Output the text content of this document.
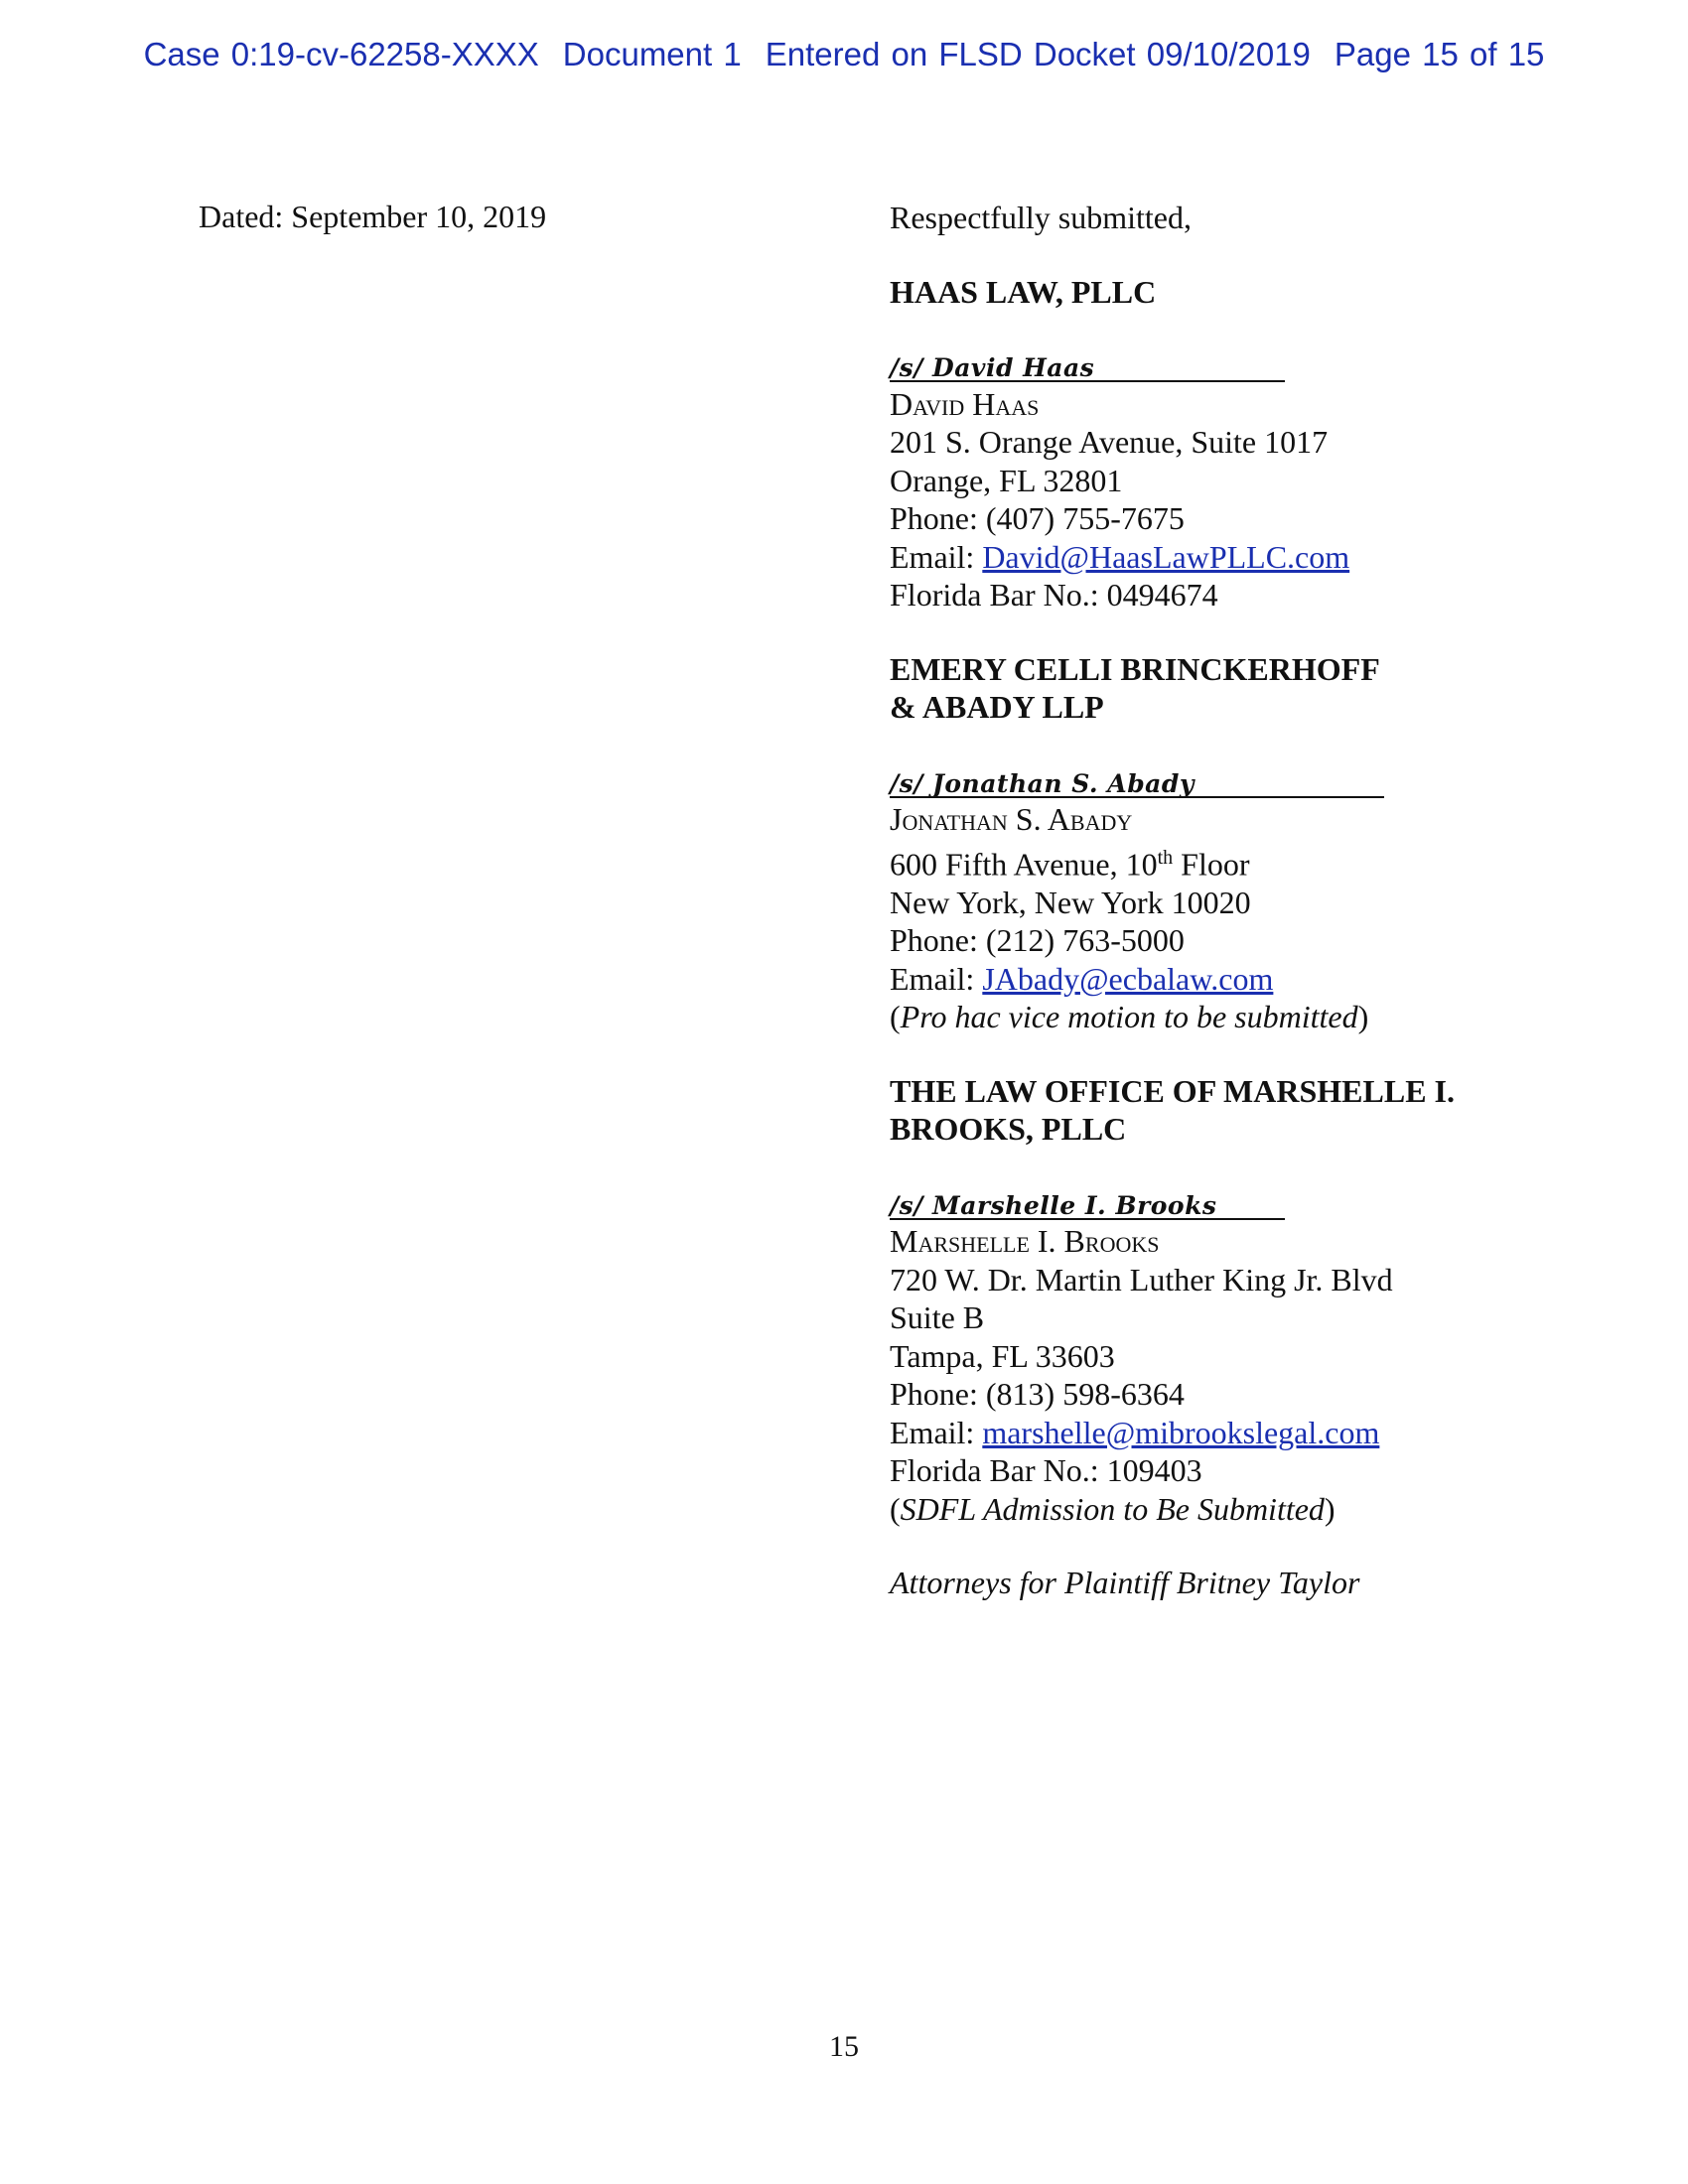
Case 0:19-cv-62258-XXXX Document 1 Entered on FLSD Docket 09/10/2019 Page 15 of 15
Dated: September 10, 2019	Respectfully submitted,

HAAS LAW, PLLC

/s/ David Haas

David Haas

201 S. Orange Avenue, Suite 1017

Orange, FL 32801

Phone: (407) 755-7675

Email: David@HaasLawPLLC.com

Florida Bar No.: 0494674

EMERY CELLI BRINCKERHOFF

& ABADY LLP

/s/ Jonathan S. Abady

Jonathan S. Abady

600 Fifth Avenue, 10th Floor

New York, New York 10020

Phone: (212) 763-5000

Email: JAbady@ecbalaw.com

(Pro hac vice motion to be submitted)

THE LAW OFFICE OF MARSHELLE I.

BROOKS, PLLC

/s/ Marshelle I. Brooks

Marshelle I. Brooks

720 W. Dr. Martin Luther King Jr. Blvd

Suite B

Tampa, FL 33603

Phone: (813) 598-6364

Email: marshelle@mibrookslegal.com

Florida Bar No.: 109403

(SDFL Admission to Be Submitted)

Attorneys for Plaintiff Britney Taylor

15
